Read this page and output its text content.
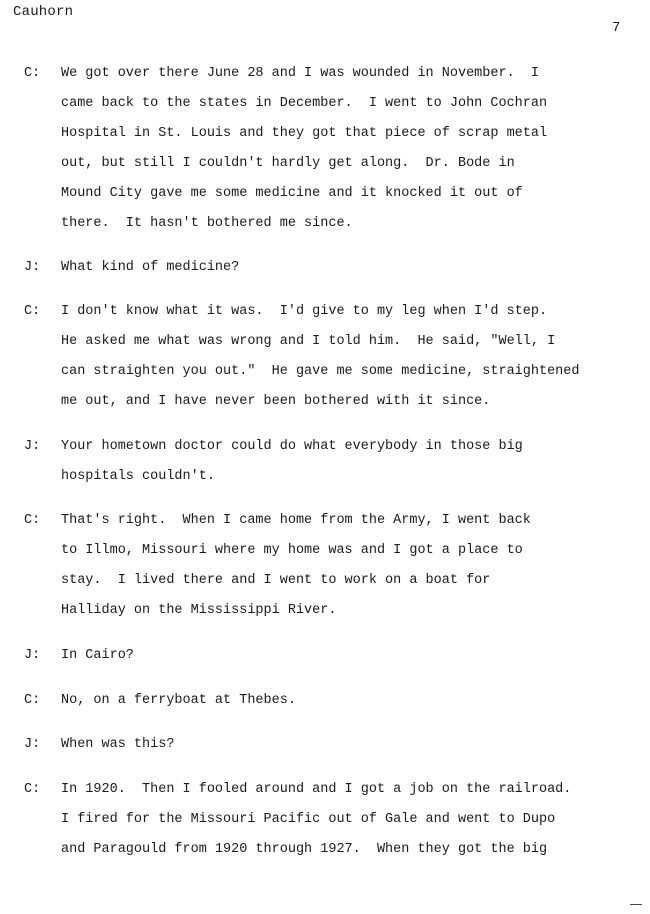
Cauhorn
7
C:	We got over there June 28 and I was wounded in November.  I
came back to the states in December.  I went to John Cochran
Hospital in St. Louis and they got that piece of scrap metal
out, but still I couldn't hardly get along.  Dr. Bode in
Mound City gave me some medicine and it knocked it out of
there.  It hasn't bothered me since.
J:	What kind of medicine?
C:	I don't know what it was.  I'd give to my leg when I'd step.
He asked me what was wrong and I told him.  He said, "Well, I
can straighten you out."  He gave me some medicine, straightened
me out, and I have never been bothered with it since.
J:	Your hometown doctor could do what everybody in those big
hospitals couldn't.
C:	That's right.  When I came home from the Army, I went back
to Illmo, Missouri where my home was and I got a place to
stay.  I lived there and I went to work on a boat for
Halliday on the Mississippi River.
J:	In Cairo?
C:	No, on a ferryboat at Thebes.
J:	When was this?
C:	In 1920.  Then I fooled around and I got a job on the railroad.
I fired for the Missouri Pacific out of Gale and went to Dupo
and Paragould from 1920 through 1927.  When they got the big
